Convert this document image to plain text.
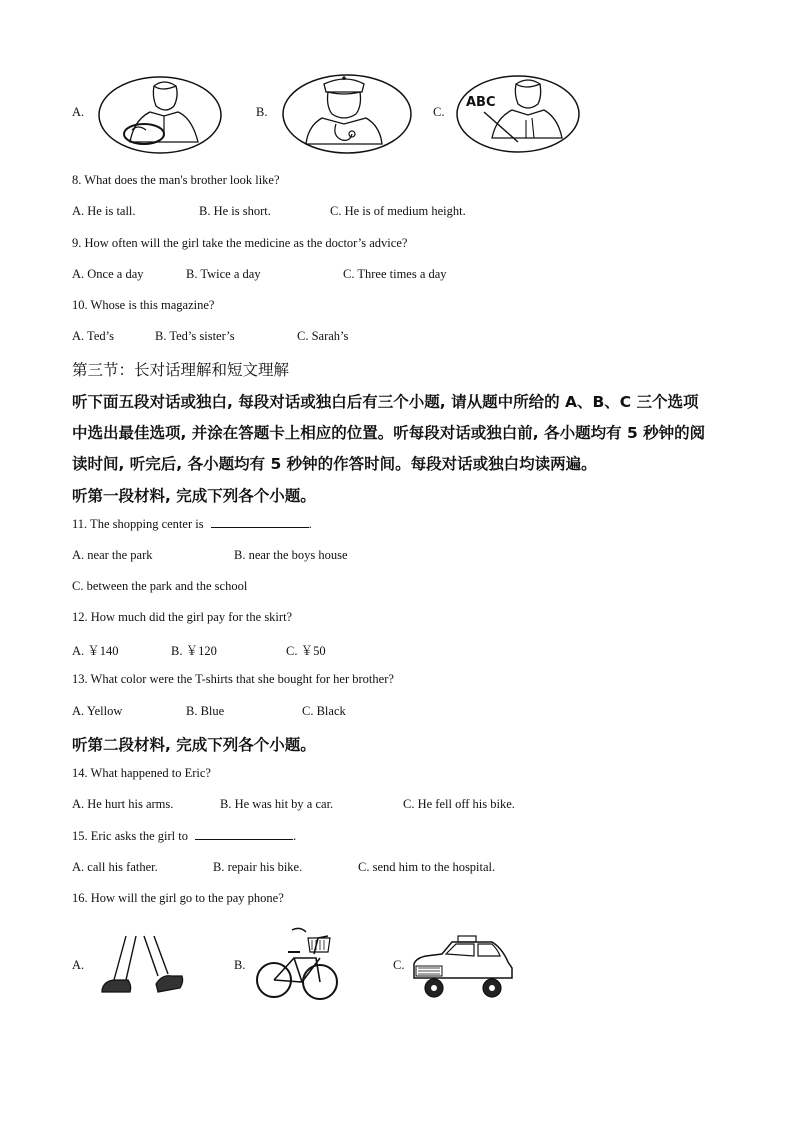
A.	B.	C.
ABC
8. What does the man's brother look like?
A. He is tall.	B. He is short.	C. He is of medium height.
9. How often will the girl take the medicine as the doctor’s advice?
A. Once a day	B. Twice a day	C. Three times a day
10. Whose is this magazine?
A. Ted’s	B. Ted’s sister’s	C. Sarah’s
第三节：长对话理解和短文理解
听下面五段对话或独白, 每段对话或独白后有三个小题, 请从题中所给的 A、B、C 三个选项
中选出最佳选项, 并涂在答题卡上相应的位置。听每段对话或独白前, 各小题均有 5 秒钟的阅
读时间, 听完后, 各小题均有 5 秒钟的作答时间。每段对话或独白均读两遍。
听第一段材料, 完成下列各个小题。
11. The shopping center is	.
A. near the park	B. near the boys house
C. between the park and the school
12. How much did the girl pay for the skirt?
A. ￥140	B. ￥120	C. ￥50
13. What color were the T-shirts that she bought for her brother?
A. Yellow	B. Blue	C. Black
听第二段材料, 完成下列各个小题。
14. What happened to Eric?
A. He hurt his arms.	B. He was hit by a car.	C. He fell off his bike.
15. Eric asks the girl to	.
A. call his father.	B. repair his bike.	C. send him to the hospital.
16. How will the girl go to the pay phone?
A.	B.	C.
